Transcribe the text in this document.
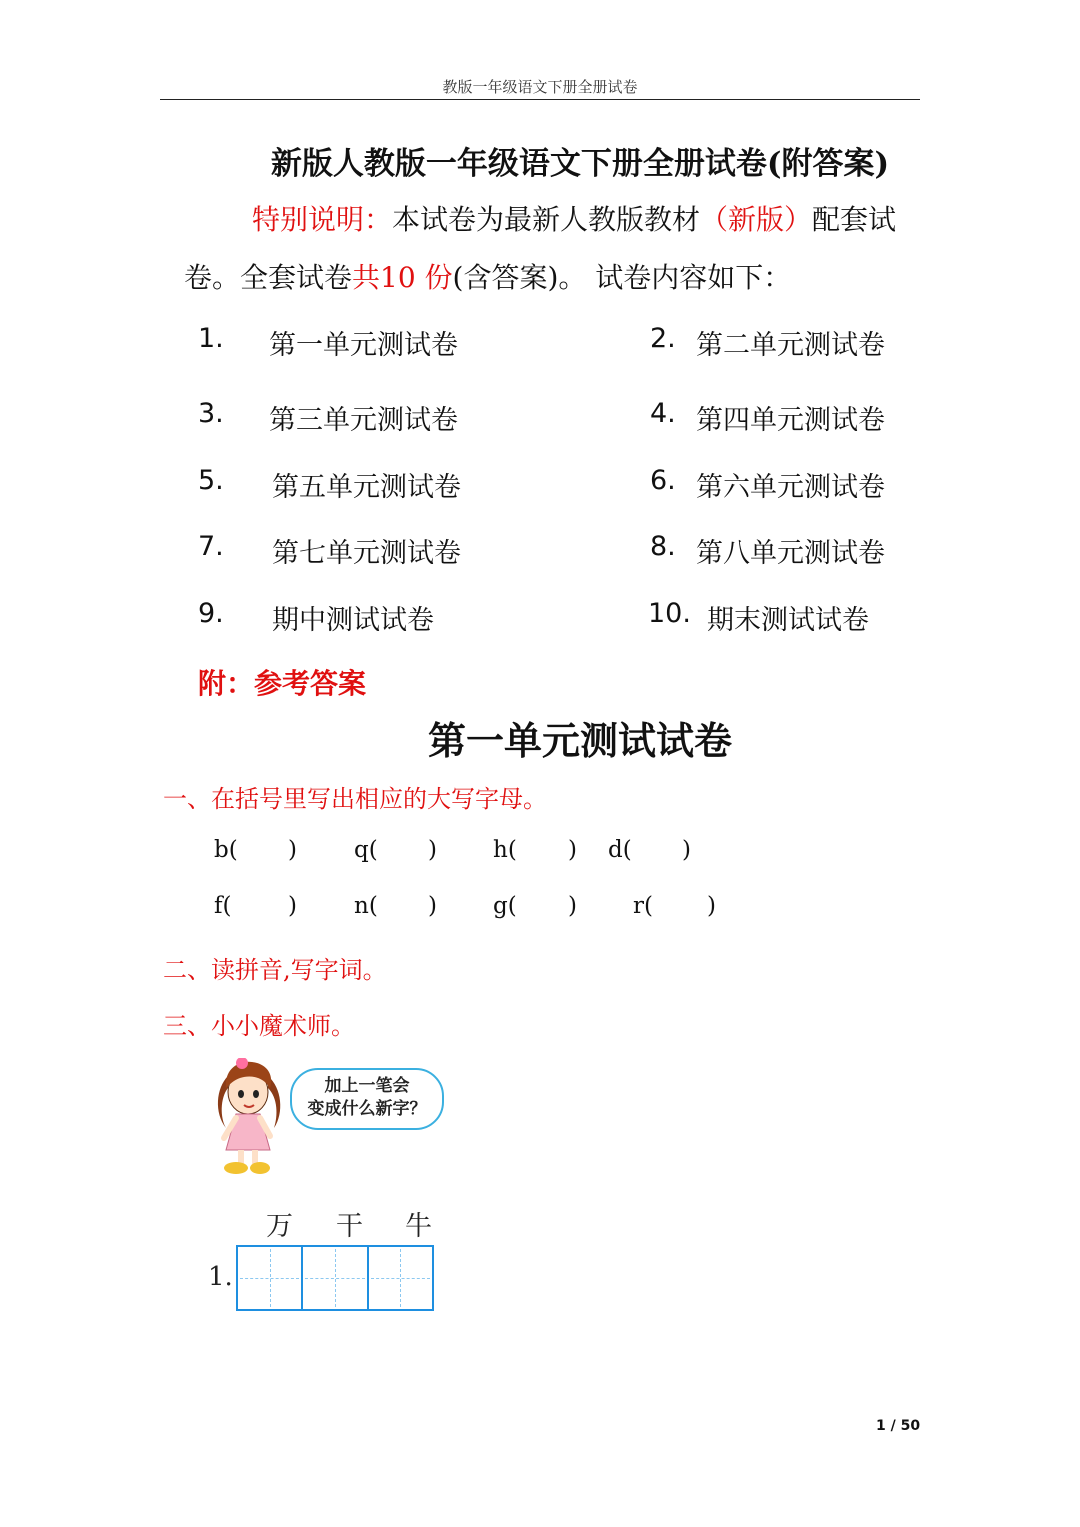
教版一年级语文下册全册试卷
新版人教版一年级语文下册全册试卷(附答案)
特别说明：本试卷为最新人教版教材（新版）配套试
卷。全套试卷共10 份(含答案)。 试卷内容如下：
1. 第一单元测试卷	2. 第二单元测试卷
3. 第三单元测试卷	4. 第四单元测试卷
5. 第五单元测试卷	6. 第六单元测试卷
7. 第七单元测试卷	8. 第八单元测试卷
9. 期中测试试卷	10. 期末测试试卷
附：参考答案
第一单元测试试卷
一、在括号里写出相应的大写字母。
b( ) q( ) h( ) d( )
f( ) n( ) g( ) r( )
二、读拼音,写字词。
三、小小魔术师。
加上一笔会
变成什么新字？
万 干 牛
1.
1 / 50
